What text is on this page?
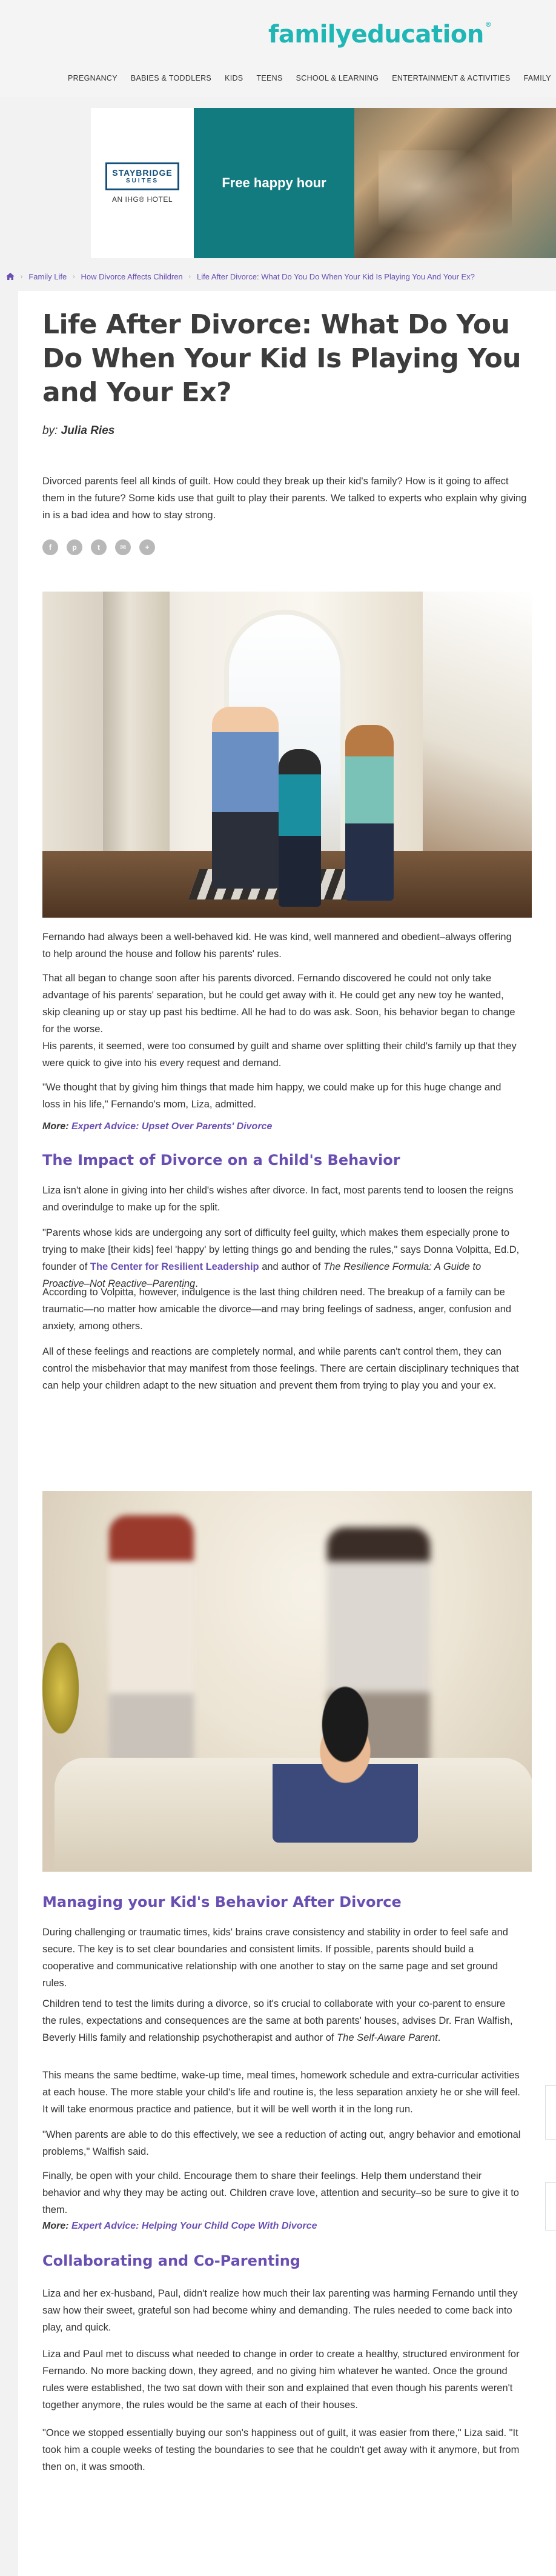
familyeducation ®
PREGNANCY BABIES & TODDLERS KIDS TEENS SCHOOL & LEARNING ENTERTAINMENT & ACTIVITIES FAMILY
STAYBRIDGE
SUITES
AN IHG® HOTEL
Free happy hour
› Family Life › How Divorce Affects Children › Life After Divorce: What Do You Do When Your Kid Is Playing You And Your Ex?
Life After Divorce: What Do You Do When Your Kid Is Playing You and Your Ex?
by: Julia Ries
Divorced parents feel all kinds of guilt. How could they break up their kid's family? How is it going to affect them in the future? Some kids use that guilt to play their parents. We talked to experts who explain why giving in is a bad idea and how to stay strong.
f	p	t	✉	+
Fernando had always been a well-behaved kid. He was kind, well mannered and obedient–always offering to help around the house and follow his parents' rules.
That all began to change soon after his parents divorced. Fernando discovered he could not only take advantage of his parents' separation, but he could get away with it. He could get any new toy he wanted, skip cleaning up or stay up past his bedtime. All he had to do was ask. Soon, his behavior began to change for the worse.
His parents, it seemed, were too consumed by guilt and shame over splitting their child's family up that they were quick to give into his every request and demand.
"We thought that by giving him things that made him happy, we could make up for this huge change and loss in his life," Fernando's mom, Liza, admitted.
More: Expert Advice: Upset Over Parents' Divorce
The Impact of Divorce on a Child's Behavior
Liza isn't alone in giving into her child's wishes after divorce. In fact, most parents tend to loosen the reigns and overindulge to make up for the split.
"Parents whose kids are undergoing any sort of difficulty feel guilty, which makes them especially prone to trying to make [their kids] feel 'happy' by letting things go and bending the rules," says Donna Volpitta, Ed.D, founder of The Center for Resilient Leadership and author of The Resilience Formula: A Guide to Proactive–Not Reactive–Parenting.
According to Volpitta, however, indulgence is the last thing children need. The breakup of a family can be traumatic—no matter how amicable the divorce—and may bring feelings of sadness, anger, confusion and anxiety, among others.
All of these feelings and reactions are completely normal, and while parents can't control them, they can control the misbehavior that may manifest from those feelings. There are certain disciplinary techniques that can help your children adapt to the new situation and prevent them from trying to play you and your ex.
Managing your Kid's Behavior After Divorce
During challenging or traumatic times, kids' brains crave consistency and stability in order to feel safe and secure. The key is to set clear boundaries and consistent limits. If possible, parents should build a cooperative and communicative relationship with one another to stay on the same page and set ground rules.
Children tend to test the limits during a divorce, so it's crucial to collaborate with your co-parent to ensure the rules, expectations and consequences are the same at both parents' houses, advises Dr. Fran Walfish, Beverly Hills family and relationship psychotherapist and author of The Self-Aware Parent.
This means the same bedtime, wake-up time, meal times, homework schedule and extra-curricular activities at each house. The more stable your child's life and routine is, the less separation anxiety he or she will feel. It will take enormous practice and patience, but it will be well worth it in the long run.
"When parents are able to do this effectively, we see a reduction of acting out, angry behavior and emotional problems," Walfish said.
Finally, be open with your child. Encourage them to share their feelings. Help them understand their behavior and why they may be acting out. Children crave love, attention and security–so be sure to give it to them.
More: Expert Advice: Helping Your Child Cope With Divorce
Collaborating and Co-Parenting
Liza and her ex-husband, Paul, didn't realize how much their lax parenting was harming Fernando until they saw how their sweet, grateful son had become whiny and demanding. The rules needed to come back into play, and quick.
Liza and Paul met to discuss what needed to change in order to create a healthy, structured environment for Fernando. No more backing down, they agreed, and no giving him whatever he wanted. Once the ground rules were established, the two sat down with their son and explained that even though his parents weren't together anymore, the rules would be the same at each of their houses.
"Once we stopped essentially buying our son's happiness out of guilt, it was easier from there," Liza said. "It took him a couple weeks of testing the boundaries to see that he couldn't get away with it anymore, but from then on, it was smooth.
